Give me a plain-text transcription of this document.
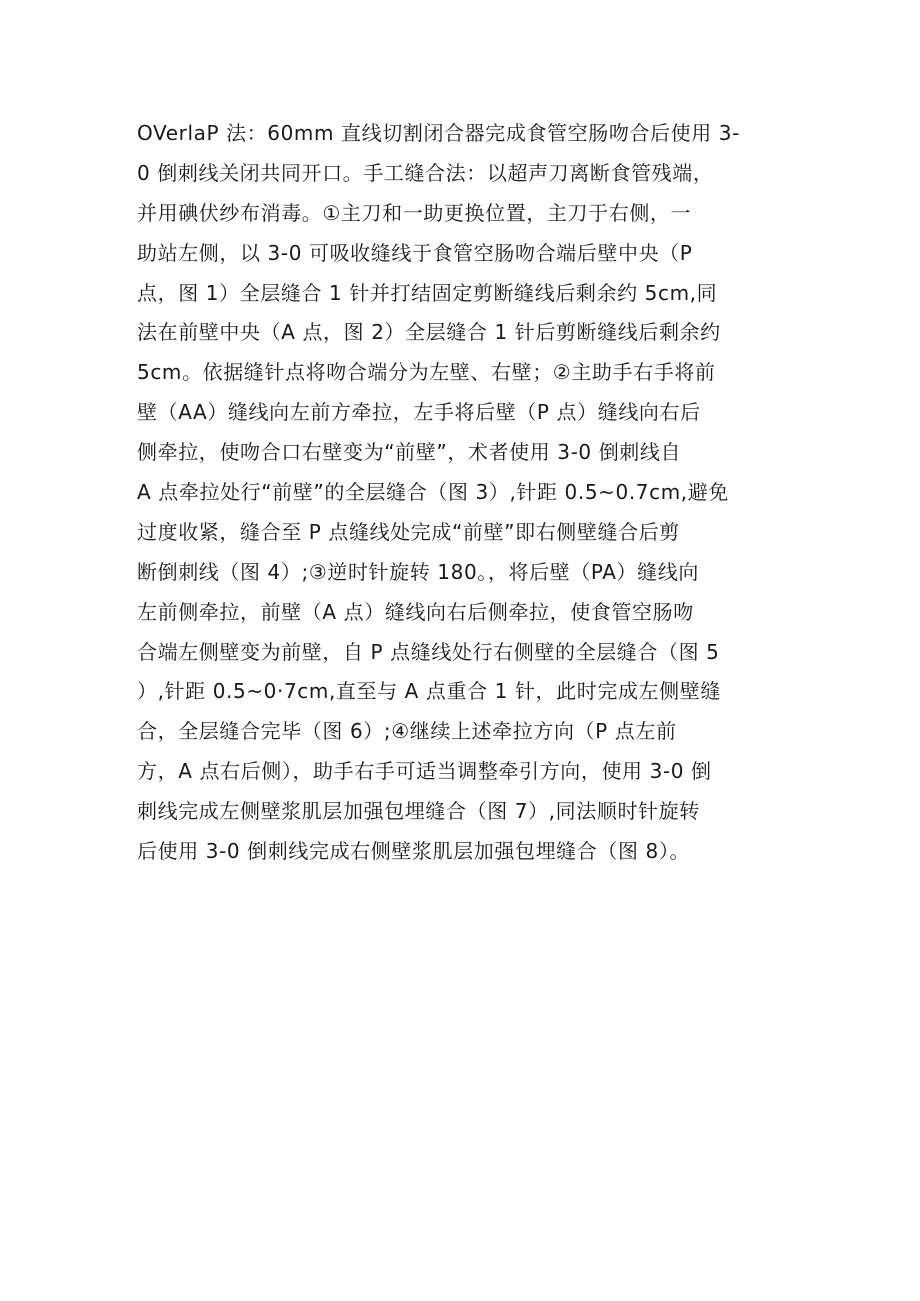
OVerlaP 法：60mm 直线切割闭合器完成食管空肠吻合后使用 3-
0 倒刺线关闭共同开口。手工缝合法：以超声刀离断食管残端，
并用碘伏纱布消毒。①主刀和一助更换位置，主刀于右侧，一
助站左侧，以 3-0 可吸收缝线于食管空肠吻合端后壁中央（P
点，图 1）全层缝合 1 针并打结固定剪断缝线后剩余约 5cm,同
法在前壁中央（A 点，图 2）全层缝合 1 针后剪断缝线后剩余约
5cm。依据缝针点将吻合端分为左壁、右壁；②主助手右手将前
壁（AA）缝线向左前方牵拉，左手将后壁（P 点）缝线向右后
侧牵拉，使吻合口右壁变为“前壁”，术者使用 3-0 倒刺线自
A 点牵拉处行“前壁”的全层缝合（图 3）,针距 0.5~0.7cm,避免
过度收紧，缝合至 P 点缝线处完成“前壁”即右侧壁缝合后剪
断倒刺线（图 4）;③逆时针旋转 180。，将后壁（PA）缝线向
左前侧牵拉，前壁（A 点）缝线向右后侧牵拉，使食管空肠吻
合端左侧壁变为前壁，自 P 点缝线处行右侧壁的全层缝合（图 5
）,针距 0.5~0·7cm,直至与 A 点重合 1 针，此时完成左侧壁缝
合，全层缝合完毕（图 6）;④继续上述牵拉方向（P 点左前
方，A 点右后侧），助手右手可适当调整牵引方向，使用 3-0 倒
刺线完成左侧壁浆肌层加强包埋缝合（图 7）,同法顺时针旋转
后使用 3-0 倒刺线完成右侧壁浆肌层加强包埋缝合（图 8）。
